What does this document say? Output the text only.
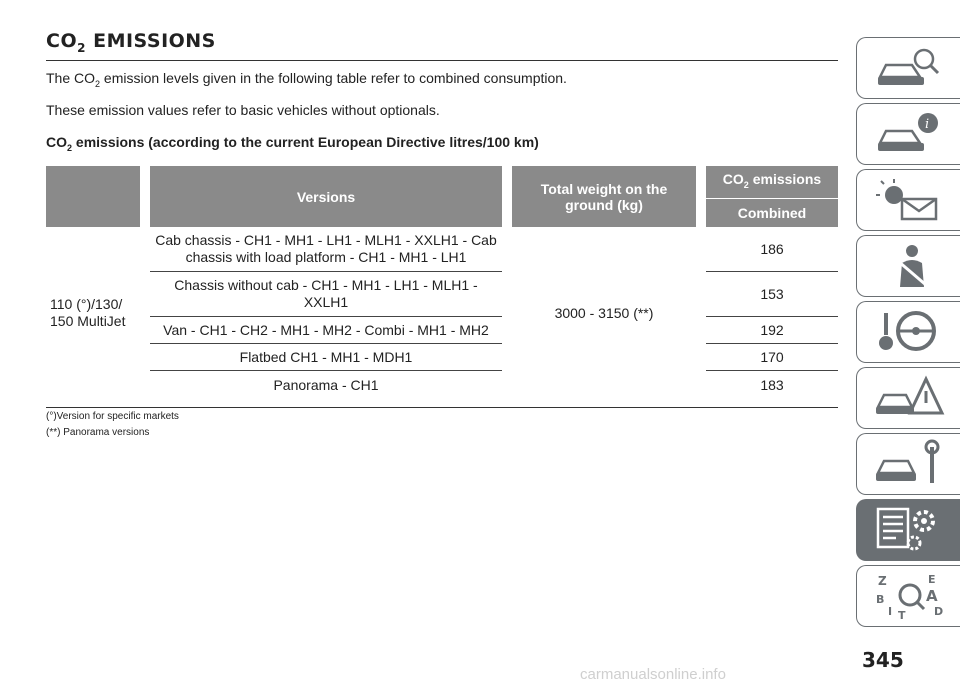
$CO_2$ EMISSIONS

The $CO_2$ emission levels given in the following table refer to combined consumption.

These emission values refer to basic vehicles without optionals.

$CO_2$ emissions (according to the current European Directive litres/100 km)

		Versions		Total weight on the ground (kg)		$CO_2$ emissions
						Combined
110 (°)/130/ 150 MultiJet		Cab chassis - CH1 - MH1 - LH1 - MLH1 - XXLH1 - Cab chassis with load platform - CH1 - MH1 - LH1		3000 - 3150 (**)		186
		Chassis without cab - CH1 - MH1 - LH1 - MLH1 - XXLH1				153
		Van - CH1 - CH2 - MH1 - MH2 - Combi - MH1 - MH2				192
		Flatbed CH1 - MH1 - MDH1				170
		Panorama - CH1				183

(°)Version for specific markets

(**) Panorama versions

i
Z	E
B	A
I T	D
345
carmanualsonline.info
